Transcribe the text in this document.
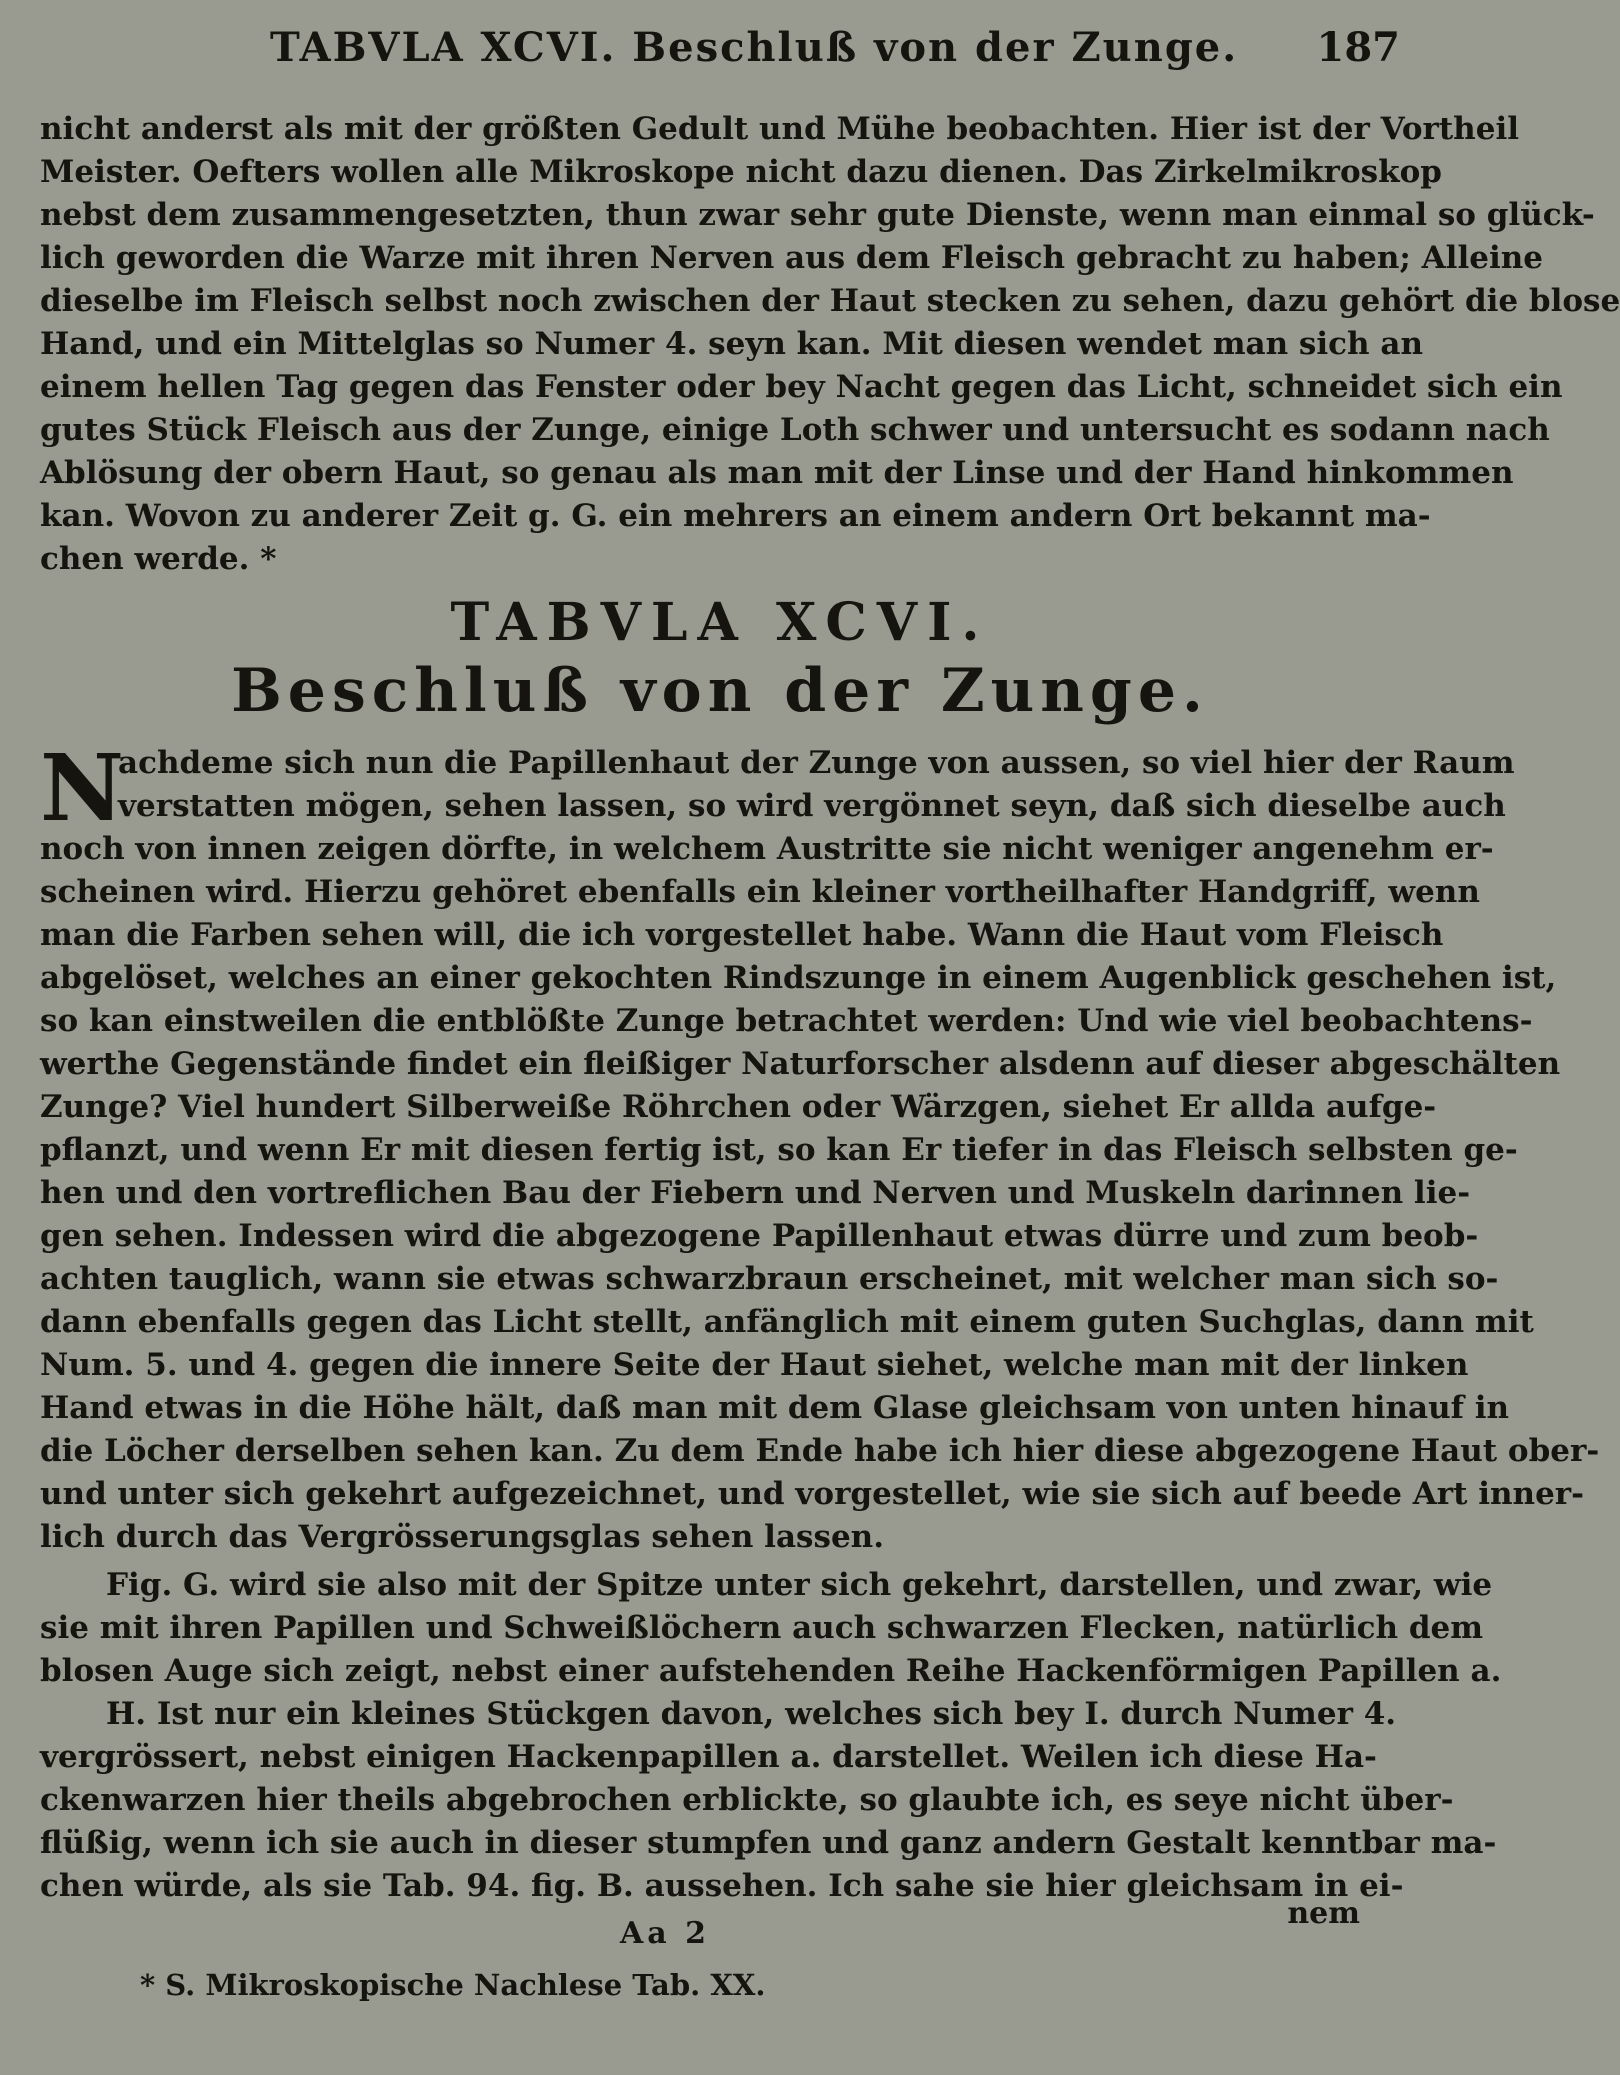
TABVLA XCVI. Beschluß von der Zunge. 187
nicht anderst als mit der größten Gedult und Mühe beobachten. Hier ist der Vortheil
Meister. Oefters wollen alle Mikroskope nicht dazu dienen. Das Zirkelmikroskop
nebst dem zusammengesetzten, thun zwar sehr gute Dienste, wenn man einmal so glück-
lich geworden die Warze mit ihren Nerven aus dem Fleisch gebracht zu haben; Alleine
dieselbe im Fleisch selbst noch zwischen der Haut stecken zu sehen, dazu gehört die blose
Hand, und ein Mittelglas so Numer 4. seyn kan. Mit diesen wendet man sich an
einem hellen Tag gegen das Fenster oder bey Nacht gegen das Licht, schneidet sich ein
gutes Stück Fleisch aus der Zunge, einige Loth schwer und untersucht es sodann nach
Ablösung der obern Haut, so genau als man mit der Linse und der Hand hinkommen
kan. Wovon zu anderer Zeit g. G. ein mehrers an einem andern Ort bekannt ma-
chen werde. *
TABVLA XCVI.
Beschluß von der Zunge.
N
achdeme sich nun die Papillenhaut der Zunge von aussen, so viel hier der Raum
verstatten mögen, sehen lassen, so wird vergönnet seyn, daß sich dieselbe auch
noch von innen zeigen dörfte, in welchem Austritte sie nicht weniger angenehm er-
scheinen wird. Hierzu gehöret ebenfalls ein kleiner vortheilhafter Handgriff, wenn
man die Farben sehen will, die ich vorgestellet habe. Wann die Haut vom Fleisch
abgelöset, welches an einer gekochten Rindszunge in einem Augenblick geschehen ist,
so kan einstweilen die entblößte Zunge betrachtet werden: Und wie viel beobachtens-
werthe Gegenstände findet ein fleißiger Naturforscher alsdenn auf dieser abgeschälten
Zunge? Viel hundert Silberweiße Röhrchen oder Wärzgen, siehet Er allda aufge-
pflanzt, und wenn Er mit diesen fertig ist, so kan Er tiefer in das Fleisch selbsten ge-
hen und den vortreflichen Bau der Fiebern und Nerven und Muskeln darinnen lie-
gen sehen. Indessen wird die abgezogene Papillenhaut etwas dürre und zum beob-
achten tauglich, wann sie etwas schwarzbraun erscheinet, mit welcher man sich so-
dann ebenfalls gegen das Licht stellt, anfänglich mit einem guten Suchglas, dann mit
Num. 5. und 4. gegen die innere Seite der Haut siehet, welche man mit der linken
Hand etwas in die Höhe hält, daß man mit dem Glase gleichsam von unten hinauf in
die Löcher derselben sehen kan. Zu dem Ende habe ich hier diese abgezogene Haut ober-
und unter sich gekehrt aufgezeichnet, und vorgestellet, wie sie sich auf beede Art inner-
lich durch das Vergrösserungsglas sehen lassen.
Fig. G. wird sie also mit der Spitze unter sich gekehrt, darstellen, und zwar, wie
sie mit ihren Papillen und Schweißlöchern auch schwarzen Flecken, natürlich dem
blosen Auge sich zeigt, nebst einer aufstehenden Reihe Hackenförmigen Papillen a.
H. Ist nur ein kleines Stückgen davon, welches sich bey I. durch Numer 4.
vergrössert, nebst einigen Hackenpapillen a. darstellet. Weilen ich diese Ha-
ckenwarzen hier theils abgebrochen erblickte, so glaubte ich, es seye nicht über-
flüßig, wenn ich sie auch in dieser stumpfen und ganz andern Gestalt kenntbar ma-
chen würde, als sie Tab. 94. fig. B. aussehen. Ich sahe sie hier gleichsam in ei-
nem
Aa 2
* S. Mikroskopische Nachlese Tab. XX.
